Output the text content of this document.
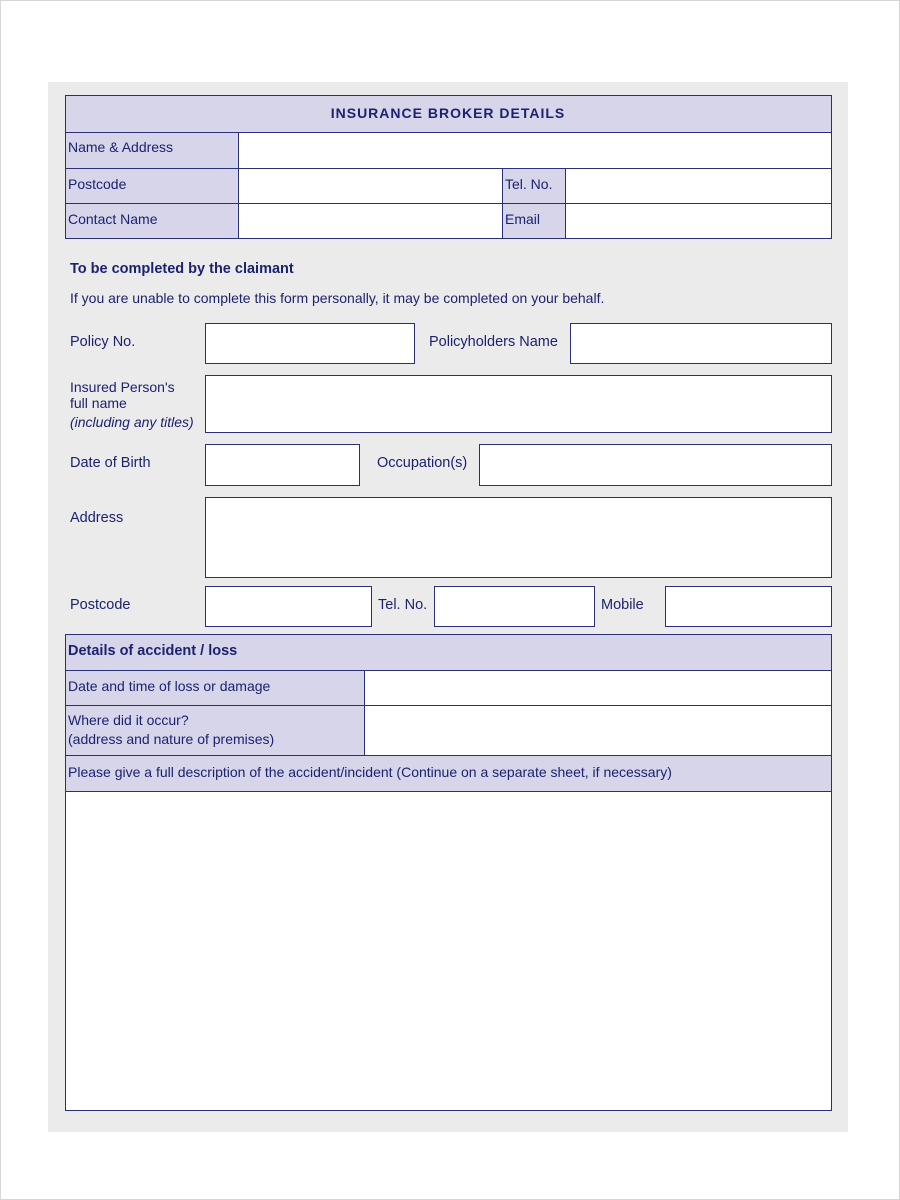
INSURANCE BROKER DETAILS
Name & Address
Postcode	Tel. No.
Contact Name	Email
To be completed by the claimant
If you are unable to complete this form personally, it may be completed on your behalf.
Policy No.	Policyholders Name
Insured Person's
full name
(including any titles)
Date of Birth	Occupation(s)
Address
Postcode	Tel. No.	Mobile
Details of accident / loss
Date and time of loss or damage
Where did it occur?
(address and nature of premises)
Please give a full description of the accident/incident (Continue on a separate sheet, if necessary)
